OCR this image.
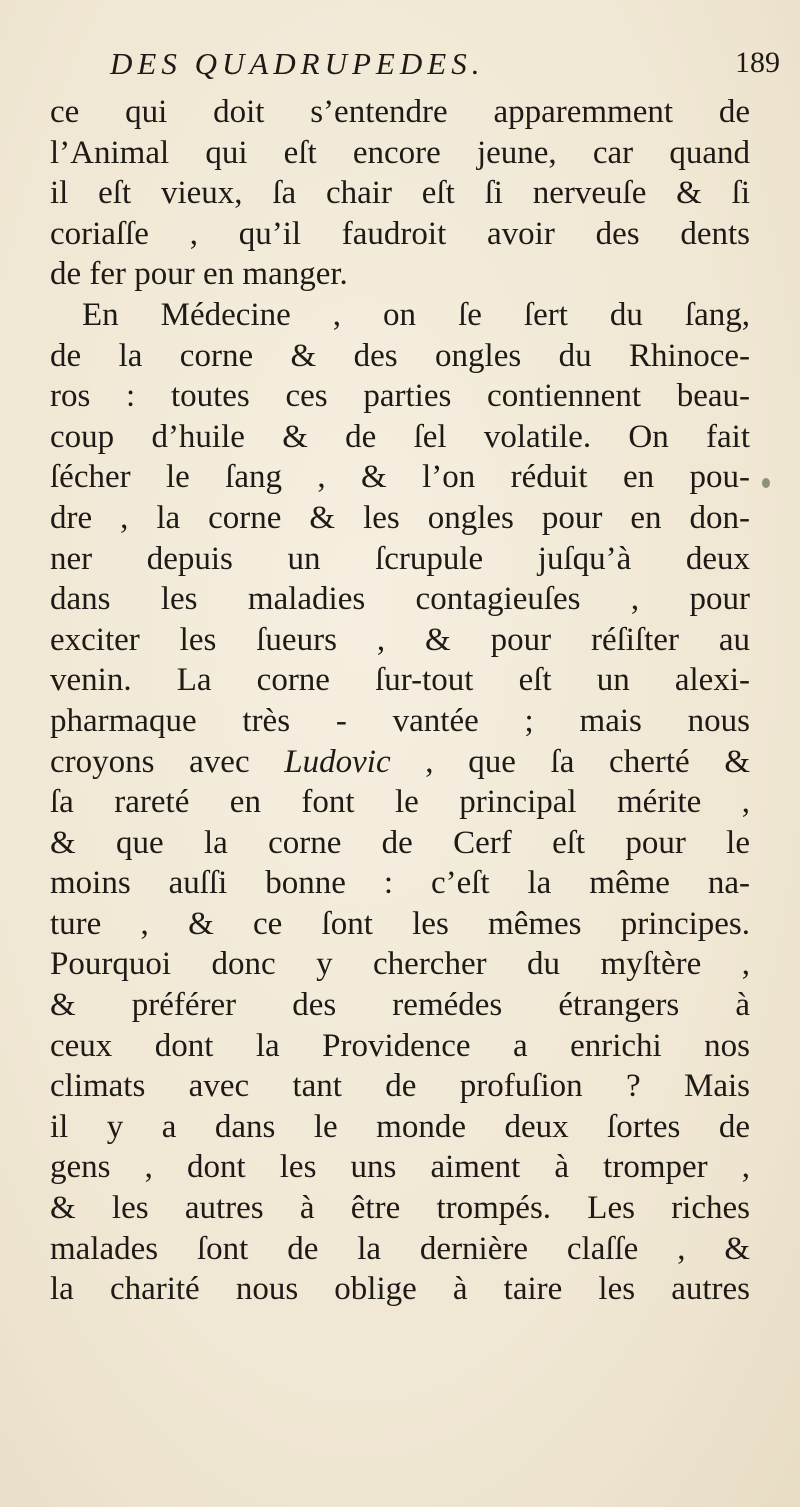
DES QUADRUPEDES.	189
ce qui doit s’entendre apparemment de
l’Animal qui eſt encore jeune, car quand
il eſt vieux, ſa chair eſt ſi nerveuſe & ſi
coriaſſe , qu’il faudroit avoir des dents
de fer pour en manger.
En Médecine , on ſe ſert du ſang,
de la corne & des ongles du Rhinoce-
ros : toutes ces parties contiennent beau-
coup d’huile & de ſel volatile. On fait
ſécher le ſang , & l’on réduit en pou-
dre , la corne & les ongles pour en don-
ner depuis un ſcrupule juſqu’à deux
dans les maladies contagieuſes , pour
exciter les ſueurs , & pour réſiſter au
venin. La corne ſur-tout eſt un alexi-
pharmaque très - vantée ; mais nous
croyons avec Ludovic , que ſa cherté &
ſa rareté en font le principal mérite ,
& que la corne de Cerf eſt pour le
moins auſſi bonne : c’eſt la même na-
ture , & ce ſont les mêmes principes.
Pourquoi donc y chercher du myſtère ,
& préférer des remédes étrangers à
ceux dont la Providence a enrichi nos
climats avec tant de profuſion ? Mais
il y a dans le monde deux ſortes de
gens , dont les uns aiment à tromper ,
& les autres à être trompés. Les riches
malades ſont de la dernière claſſe , &
la charité nous oblige à taire les autres
